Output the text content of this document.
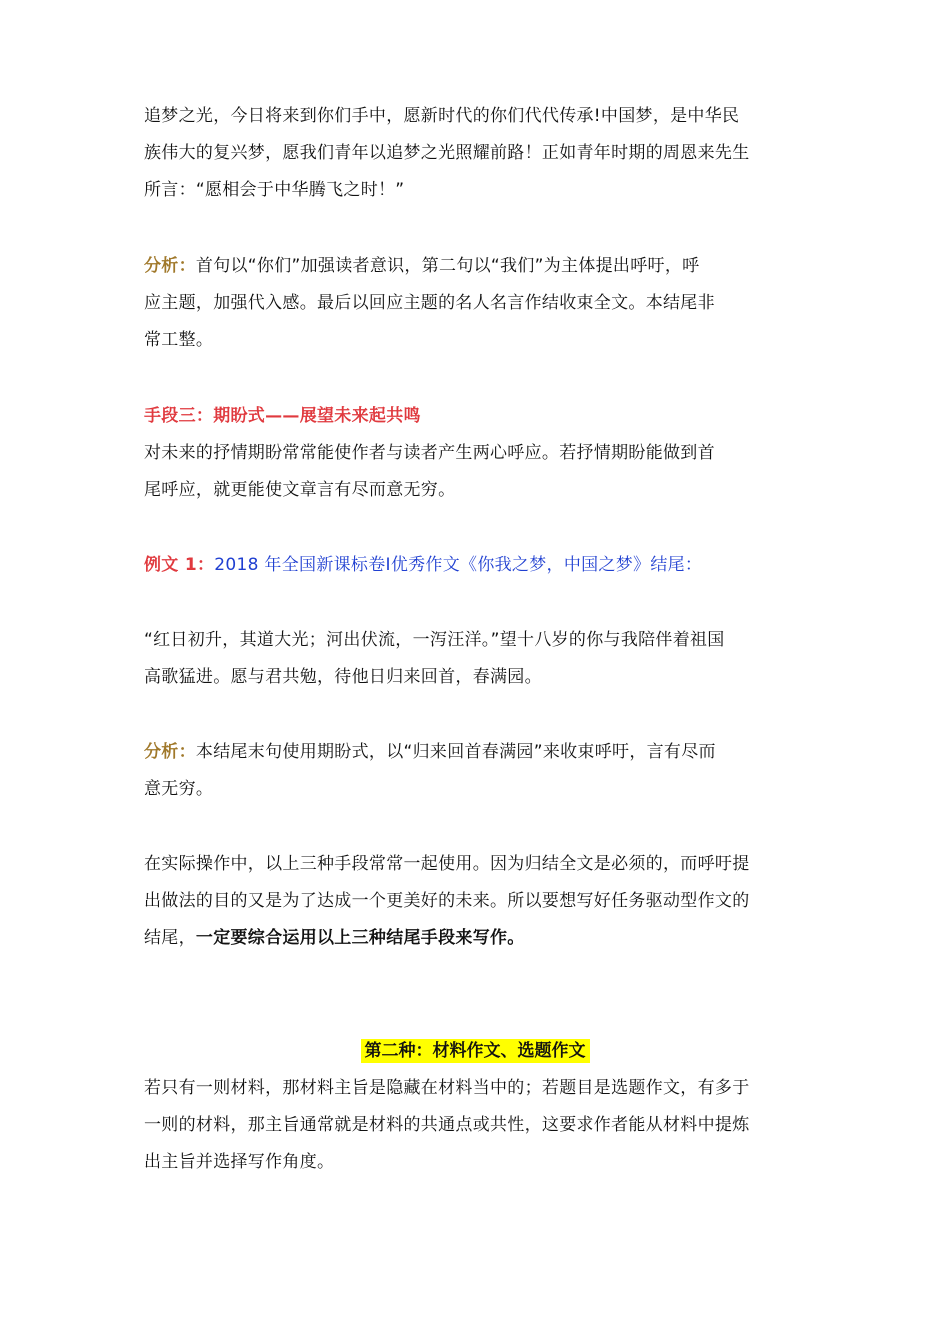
追梦之光，今日将来到你们手中，愿新时代的你们代代传承!中国梦，是中华民
族伟大的复兴梦，愿我们青年以追梦之光照耀前路！正如青年时期的周恩来先生
所言：“愿相会于中华腾飞之时！”
分析：首句以“你们”加强读者意识，第二句以“我们”为主体提出呼吁，呼
应主题，加强代入感。最后以回应主题的名人名言作结收束全文。本结尾非
常工整。
手段三：期盼式——展望未来起共鸣
对未来的抒情期盼常常能使作者与读者产生两心呼应。若抒情期盼能做到首
尾呼应，就更能使文章言有尽而意无穷。
例文 1：2018 年全国新课标卷Ⅰ优秀作文《你我之梦，中国之梦》结尾：
“红日初升，其道大光；河出伏流，一泻汪洋。”望十八岁的你与我陪伴着祖国
高歌猛进。愿与君共勉，待他日归来回首，春满园。
分析：本结尾末句使用期盼式，以“归来回首春满园”来收束呼吁，言有尽而
意无穷。
在实际操作中，以上三种手段常常一起使用。因为归结全文是必须的，而呼吁提
出做法的目的又是为了达成一个更美好的未来。所以要想写好任务驱动型作文的
结尾，一定要综合运用以上三种结尾手段来写作。
第二种：材料作文、选题作文
若只有一则材料，那材料主旨是隐藏在材料当中的；若题目是选题作文，有多于
一则的材料，那主旨通常就是材料的共通点或共性，这要求作者能从材料中提炼
出主旨并选择写作角度。
